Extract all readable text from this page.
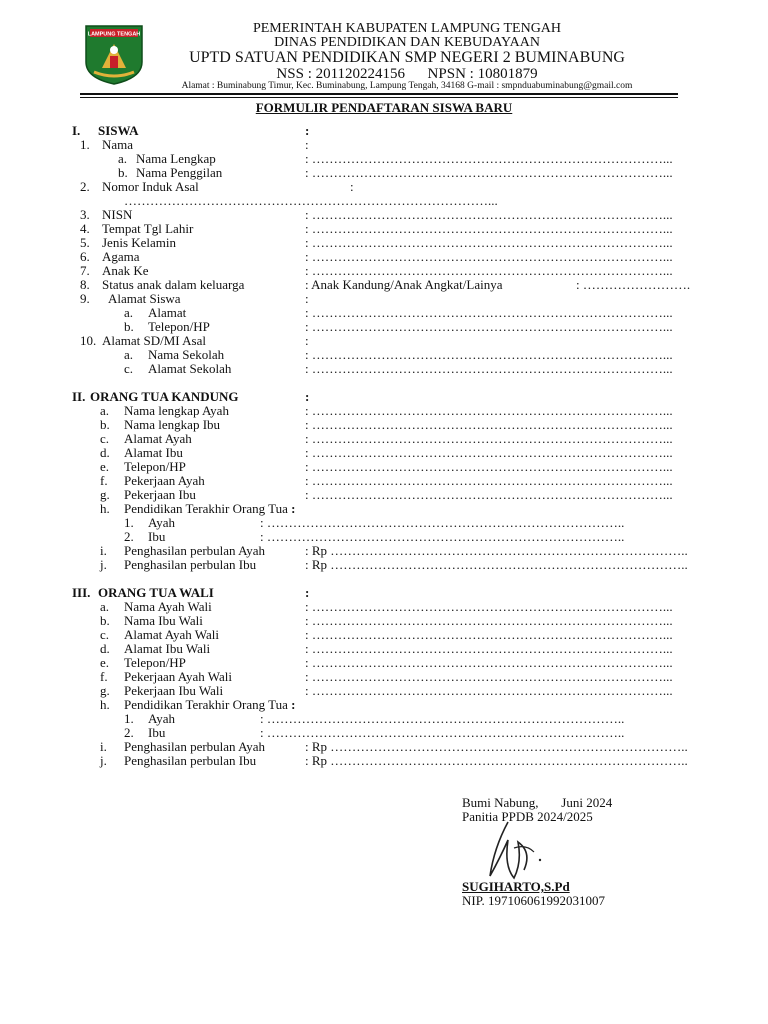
LAMPUNG TENGAH	PEMERINTAH KABUPATEN LAMPUNG TENGAH
DINAS PENDIDIKAN DAN KEBUDAYAAN
UPTD SATUAN PENDIDIKAN SMP NEGERI 2 BUMINABUNG
NSS : 201120224156      NPSN : 10801879
Alamat : Buminabung Timur, Kec. Buminabung, Lampung Tengah, 34168 G-mail : smpnduabuminabung@gmail.com
FORMULIR PENDAFTARAN SISWA BARU
I. SISWA	:
1. Nama	:
a. Nama Lengkap	: ………………………………………………………………………...
b. Nama Penggilan	: ………………………………………………………………………...
2. Nomor Induk Asal	:
…………………………………………………………………………...
3. NISN	: ………………………………………………………………………...
4. Tempat Tgl Lahir	: ………………………………………………………………………...
5. Jenis Kelamin	: ………………………………………………………………………...
6. Agama	: ………………………………………………………………………...
7. Anak Ke	: ………………………………………………………………………...
8. Status anak dalam keluarga	: Anak Kandung/Anak Angkat/Lainya	: …………………….
9. Alamat Siswa	:
a. Alamat	: ………………………………………………………………………...
b. Telepon/HP	: ………………………………………………………………………...
10. Alamat SD/MI Asal	:
a. Nama Sekolah	: ………………………………………………………………………...
c. Alamat Sekolah	: ………………………………………………………………………...
II. ORANG TUA KANDUNG	:
a. Nama lengkap Ayah	: ………………………………………………………………………...
b. Nama lengkap Ibu	: ………………………………………………………………………...
c. Alamat Ayah	: ………………………………………………………………………...
d. Alamat Ibu	: ………………………………………………………………………...
e. Telepon/HP	: ………………………………………………………………………...
f. Pekerjaan Ayah	: ………………………………………………………………………...
g. Pekerjaan Ibu	: ………………………………………………………………………...
h. Pendidikan Terakhir Orang Tua :
1. Ayah	: ………………………………………………………………………..
2. Ibu	: ………………………………………………………………………..
i. Penghasilan perbulan Ayah	: Rp ………………………………………………………………………..
j. Penghasilan perbulan Ibu	: Rp ………………………………………………………………………..
III. ORANG TUA WALI	:
a. Nama Ayah Wali	: ………………………………………………………………………...
b. Nama Ibu Wali	: ………………………………………………………………………...
c. Alamat Ayah Wali	: ………………………………………………………………………...
d. Alamat Ibu Wali	: ………………………………………………………………………...
e. Telepon/HP	: ………………………………………………………………………...
f. Pekerjaan Ayah Wali	: ………………………………………………………………………...
g. Pekerjaan Ibu Wali	: ………………………………………………………………………...
h. Pendidikan Terakhir Orang Tua :
1. Ayah	: ………………………………………………………………………..
2. Ibu	: ………………………………………………………………………..
i. Penghasilan perbulan Ayah	: Rp ………………………………………………………………………..
j. Penghasilan perbulan Ibu	: Rp ………………………………………………………………………..
Bumi Nabung,       Juni 2024
Panitia PPDB 2024/2025
SUGIHARTO,S.Pd
NIP. 197106061992031007
